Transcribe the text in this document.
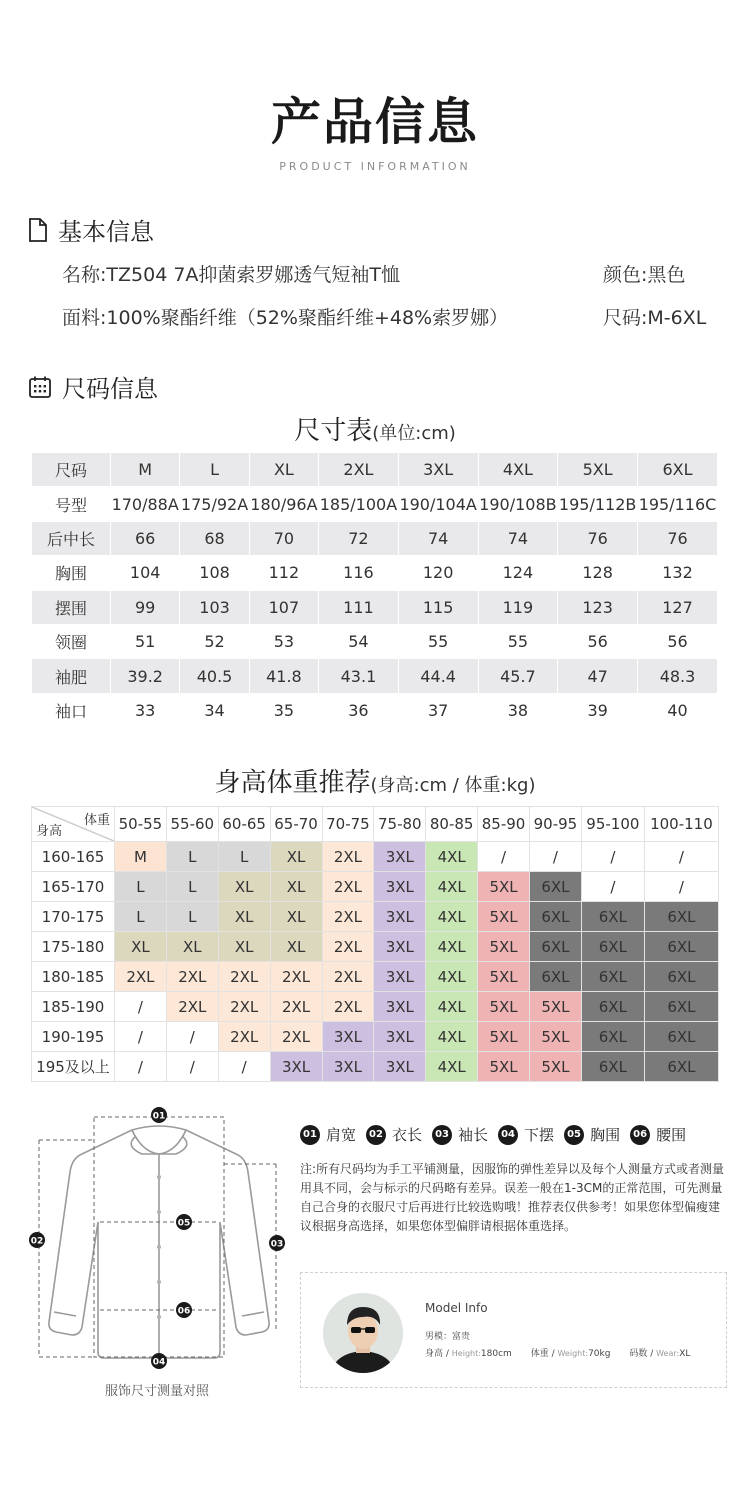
产品信息
PRODUCT INFORMATION
基本信息
名称:TZ504 7A抑菌索罗娜透气短袖T恤	颜色:黑色
面料:100%聚酯纤维（52%聚酯纤维+48%索罗娜）	尺码:M-6XL
尺码信息
尺寸表(单位:cm)
尺码	M	L	XL	2XL	3XL	4XL	5XL	6XL
号型	170/88A	175/92A	180/96A	185/100A	190/104A	190/108B	195/112B	195/116C
后中长	66	68	70	72	74	74	76	76
胸围	104	108	112	116	120	124	128	132
摆围	99	103	107	111	115	119	123	127
领圈	51	52	53	54	55	55	56	56
袖肥	39.2	40.5	41.8	43.1	44.4	45.7	47	48.3
袖口	33	34	35	36	37	38	39	40
身高体重推荐(身高:cm / 体重:kg)
体重
身高	50-55	55-60	60-65	65-70	70-75	75-80	80-85	85-90	90-95	95-100	100-110
160-165	M	L	L	XL	2XL	3XL	4XL	/	/	/	/
165-170	L	L	XL	XL	2XL	3XL	4XL	5XL	6XL	/	/
170-175	L	L	XL	XL	2XL	3XL	4XL	5XL	6XL	6XL	6XL
175-180	XL	XL	XL	XL	2XL	3XL	4XL	5XL	6XL	6XL	6XL
180-185	2XL	2XL	2XL	2XL	2XL	3XL	4XL	5XL	6XL	6XL	6XL
185-190	/	2XL	2XL	2XL	2XL	3XL	4XL	5XL	5XL	6XL	6XL
190-195	/	/	2XL	2XL	3XL	3XL	4XL	5XL	5XL	6XL	6XL
195及以上	/	/	/	3XL	3XL	3XL	4XL	5XL	5XL	6XL	6XL
01
02	03
04
05
06
服饰尺寸测量对照
01 肩宽	02 衣长	03 袖长	04 下摆	05 胸围	06 腰围
注:所有尺码均为手工平铺测量，因服饰的弹性差异以及每个人测量方式或者测量用具不同，会与标示的尺码略有差异。误差一般在1-3CM的正常范围，可先测量自己合身的衣服尺寸后再进行比较选购哦！推荐表仅供参考！如果您体型偏瘦建议根据身高选择，如果您体型偏胖请根据体重选择。
Model Info
男模：富贵
身高 / Height:180cm 体重 / Weight:70kg 码数 / Wear:XL
